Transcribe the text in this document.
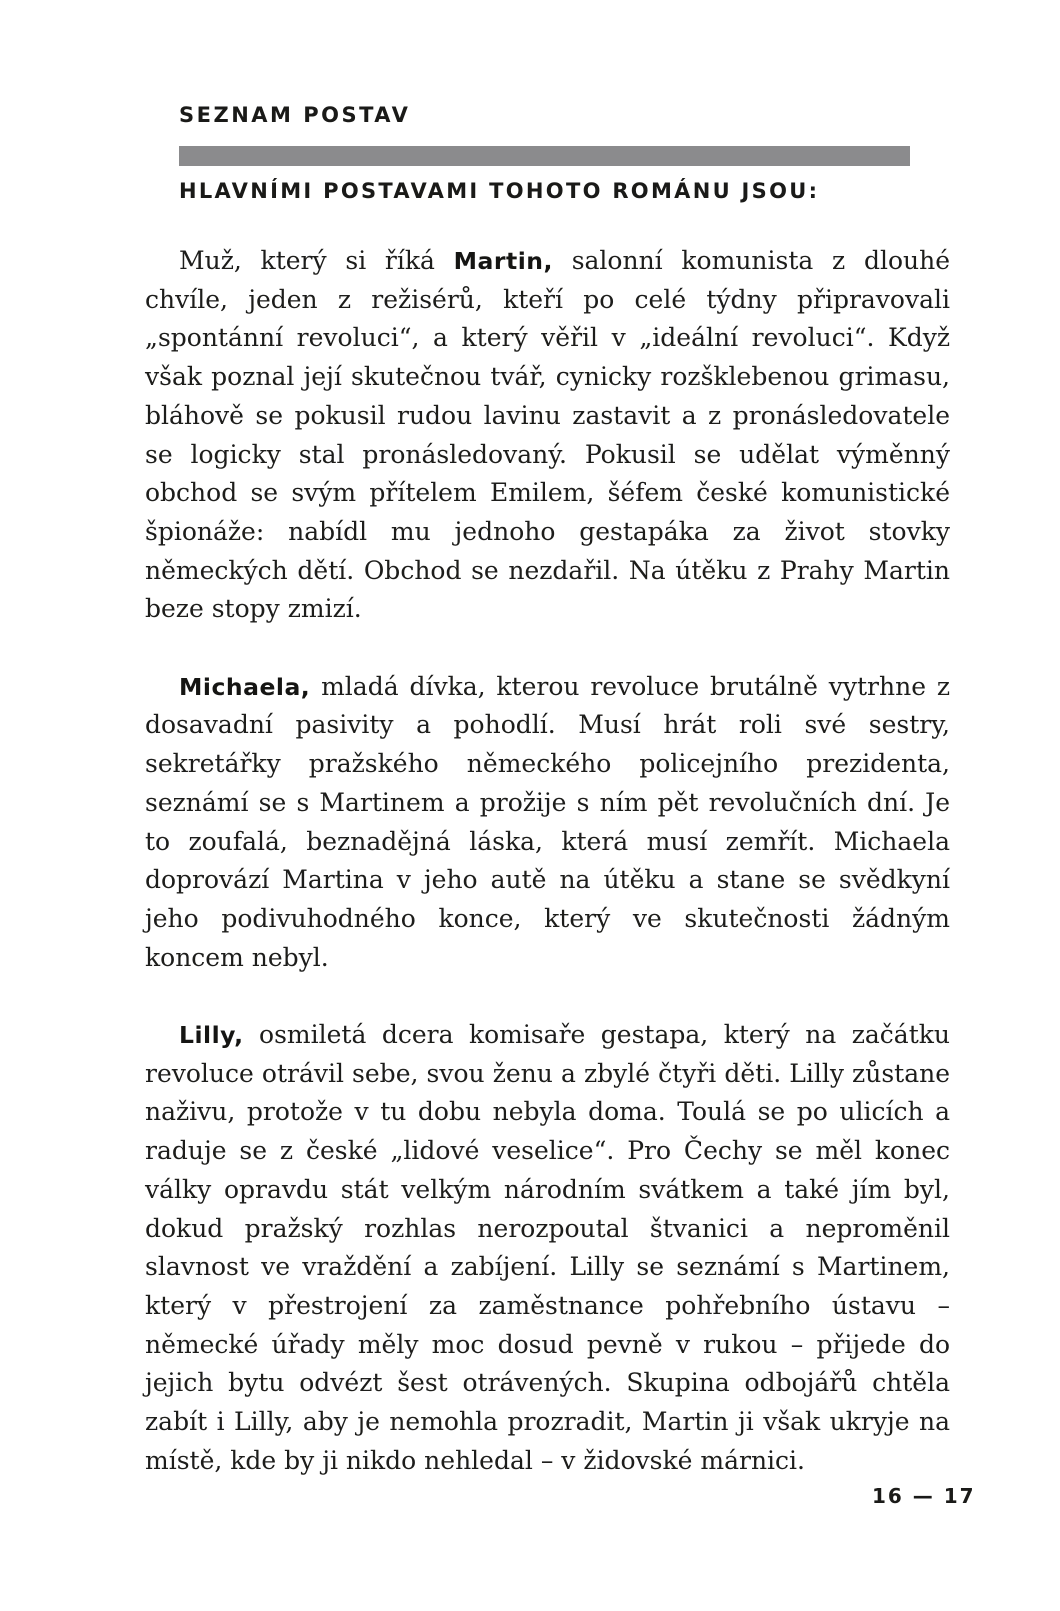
SEZNAM POSTAV
HLAVNÍMI POSTAVAMI TOHOTO ROMÁNU JSOU:

Muž, který si říká Martin, salonní komunista z dlouhé chvíle, jeden z režisérů, kteří po celé týdny připravovali „spontánní revoluci“, a který věřil v „ideální revoluci“. Když však poznal její skutečnou tvář, cynicky rozšklebenou grimasu, bláhově se pokusil rudou lavinu zastavit a z pronásledovatele se logicky stal pronásledovaný. Pokusil se udělat výměnný obchod se svým přítelem Emilem, šéfem české komunistické špionáže: nabídl mu jednoho gestapáka za život stovky německých dětí. Obchod se nezdařil. Na útěku z Prahy Martin beze stopy zmizí.

Michaela, mladá dívka, kterou revoluce brutálně vytrhne z dosavadní pasivity a pohodlí. Musí hrát roli své sestry, sekretářky pražského německého policejního prezidenta, seznámí se s Martinem a prožije s ním pět revolučních dní. Je to zoufalá, beznadějná láska, která musí zemřít. Michaela doprovází Martina v jeho autě na útěku a stane se svědkyní jeho podivuhodného konce, který ve skutečnosti žádným koncem nebyl.

Lilly, osmiletá dcera komisaře gestapa, který na začátku revoluce otrávil sebe, svou ženu a zbylé čtyři děti. Lilly zůstane naživu, protože v tu dobu nebyla doma. Toulá se po ulicích a raduje se z české „lidové veselice“. Pro Čechy se měl konec války opravdu stát velkým národním svátkem a také jím byl, dokud pražský rozhlas nerozpoutal štvanici a neproměnil slavnost ve vraždění a zabíjení. Lilly se seznámí s Martinem, který v přestrojení za zaměstnance pohřebního ústavu – německé úřady měly moc dosud pevně v rukou – přijede do jejich bytu odvézt šest otrávených. Skupina odbojářů chtěla zabít i Lilly, aby je nemohla prozradit, Martin ji však ukryje na místě, kde by ji nikdo nehledal – v židovské márnici.

16 — 17
